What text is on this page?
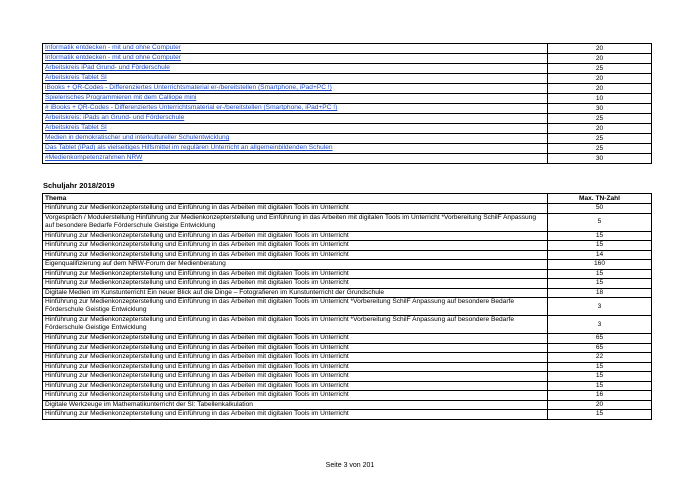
Informatik entdecken - mit und ohne Computer	20
Informatik entdecken - mit und ohne Computer	20
Arbeitskreis iPad Grund- und Förderschule	25
Arbeitskreis Tablet SI	20
iBooks + QR-Codes - Differenziertes Unterrichtsmaterial er-/bereitstellen (Smartphone, iPad+PC !)	20
Spielerisches Programmieren mit dem Calliope mini	10
# iBooks + QR-Codes - Differenziertes Unterrichtsmaterial er-/bereitstellen (Smartphone, iPad+PC !)	30
Arbeitskreis: iPads an Grund- und Förderschule	25
Arbeitskreis Tablet SI	20
Medien in demokratischer und interkultureller Schulentwicklung	25
Das Tablet (iPad) als vielseitiges Hilfsmittel im regulären Unterricht an allgemeinbildenden Schulen	25
#Medienkompetenzrahmen NRW	30
Schuljahr 2018/2019
Thema	Max. TN-Zahl
Hinführung zur Medienkonzepterstellung und Einführung in das Arbeiten mit digitalen Tools im Unterricht	50
Vorgespräch / Modulerstellung Hinführung zur Medienkonzepterstellung und Einführung in das Arbeiten mit digitalen Tools im Unterricht *Vorbereitung SchilF Anpassung auf besondere Bedarfe Förderschule Geistige Entwicklung	5
Hinführung zur Medienkonzepterstellung und Einführung in das Arbeiten mit digitalen Tools im Unterricht	15
Hinführung zur Medienkonzepterstellung und Einführung in das Arbeiten mit digitalen Tools im Unterricht	15
Hinführung zur Medienkonzepterstellung und Einführung in das Arbeiten mit digitalen Tools im Unterricht	14
Eigenqualifizierung auf dem NRW-Forum der Medienberatung	160
Hinführung zur Medienkonzepterstellung und Einführung in das Arbeiten mit digitalen Tools im Unterricht	15
Hinführung zur Medienkonzepterstellung und Einführung in das Arbeiten mit digitalen Tools im Unterricht	15
Digitale Medien im Kunstunterricht Ein neuer Blick auf die Dinge – Fotografieren im Kunstunterricht der Grundschule	18
Hinführung zur Medienkonzepterstellung und Einführung in das Arbeiten mit digitalen Tools im Unterricht *Vorbereitung SchilF Anpassung auf besondere Bedarfe Förderschule Geistige Entwicklung	3
Hinführung zur Medienkonzepterstellung und Einführung in das Arbeiten mit digitalen Tools im Unterricht *Vorbereitung SchilF Anpassung auf besondere Bedarfe Förderschule Geistige Entwicklung	3
Hinführung zur Medienkonzepterstellung und Einführung in das Arbeiten mit digitalen Tools im Unterricht	65
Hinführung zur Medienkonzepterstellung und Einführung in das Arbeiten mit digitalen Tools im Unterricht	65
Hinführung zur Medienkonzepterstellung und Einführung in das Arbeiten mit digitalen Tools im Unterricht	22
Hinführung zur Medienkonzepterstellung und Einführung in das Arbeiten mit digitalen Tools im Unterricht	15
Hinführung zur Medienkonzepterstellung und Einführung in das Arbeiten mit digitalen Tools im Unterricht	15
Hinführung zur Medienkonzepterstellung und Einführung in das Arbeiten mit digitalen Tools im Unterricht	15
Hinführung zur Medienkonzepterstellung und Einführung in das Arbeiten mit digitalen Tools im Unterricht	16
Digitale Werkzeuge im Mathematikunterricht der SI: Tabellenkalkulation	20
Hinführung zur Medienkonzepterstellung und Einführung in das Arbeiten mit digitalen Tools im Unterricht	15
Seite 3 von 201
